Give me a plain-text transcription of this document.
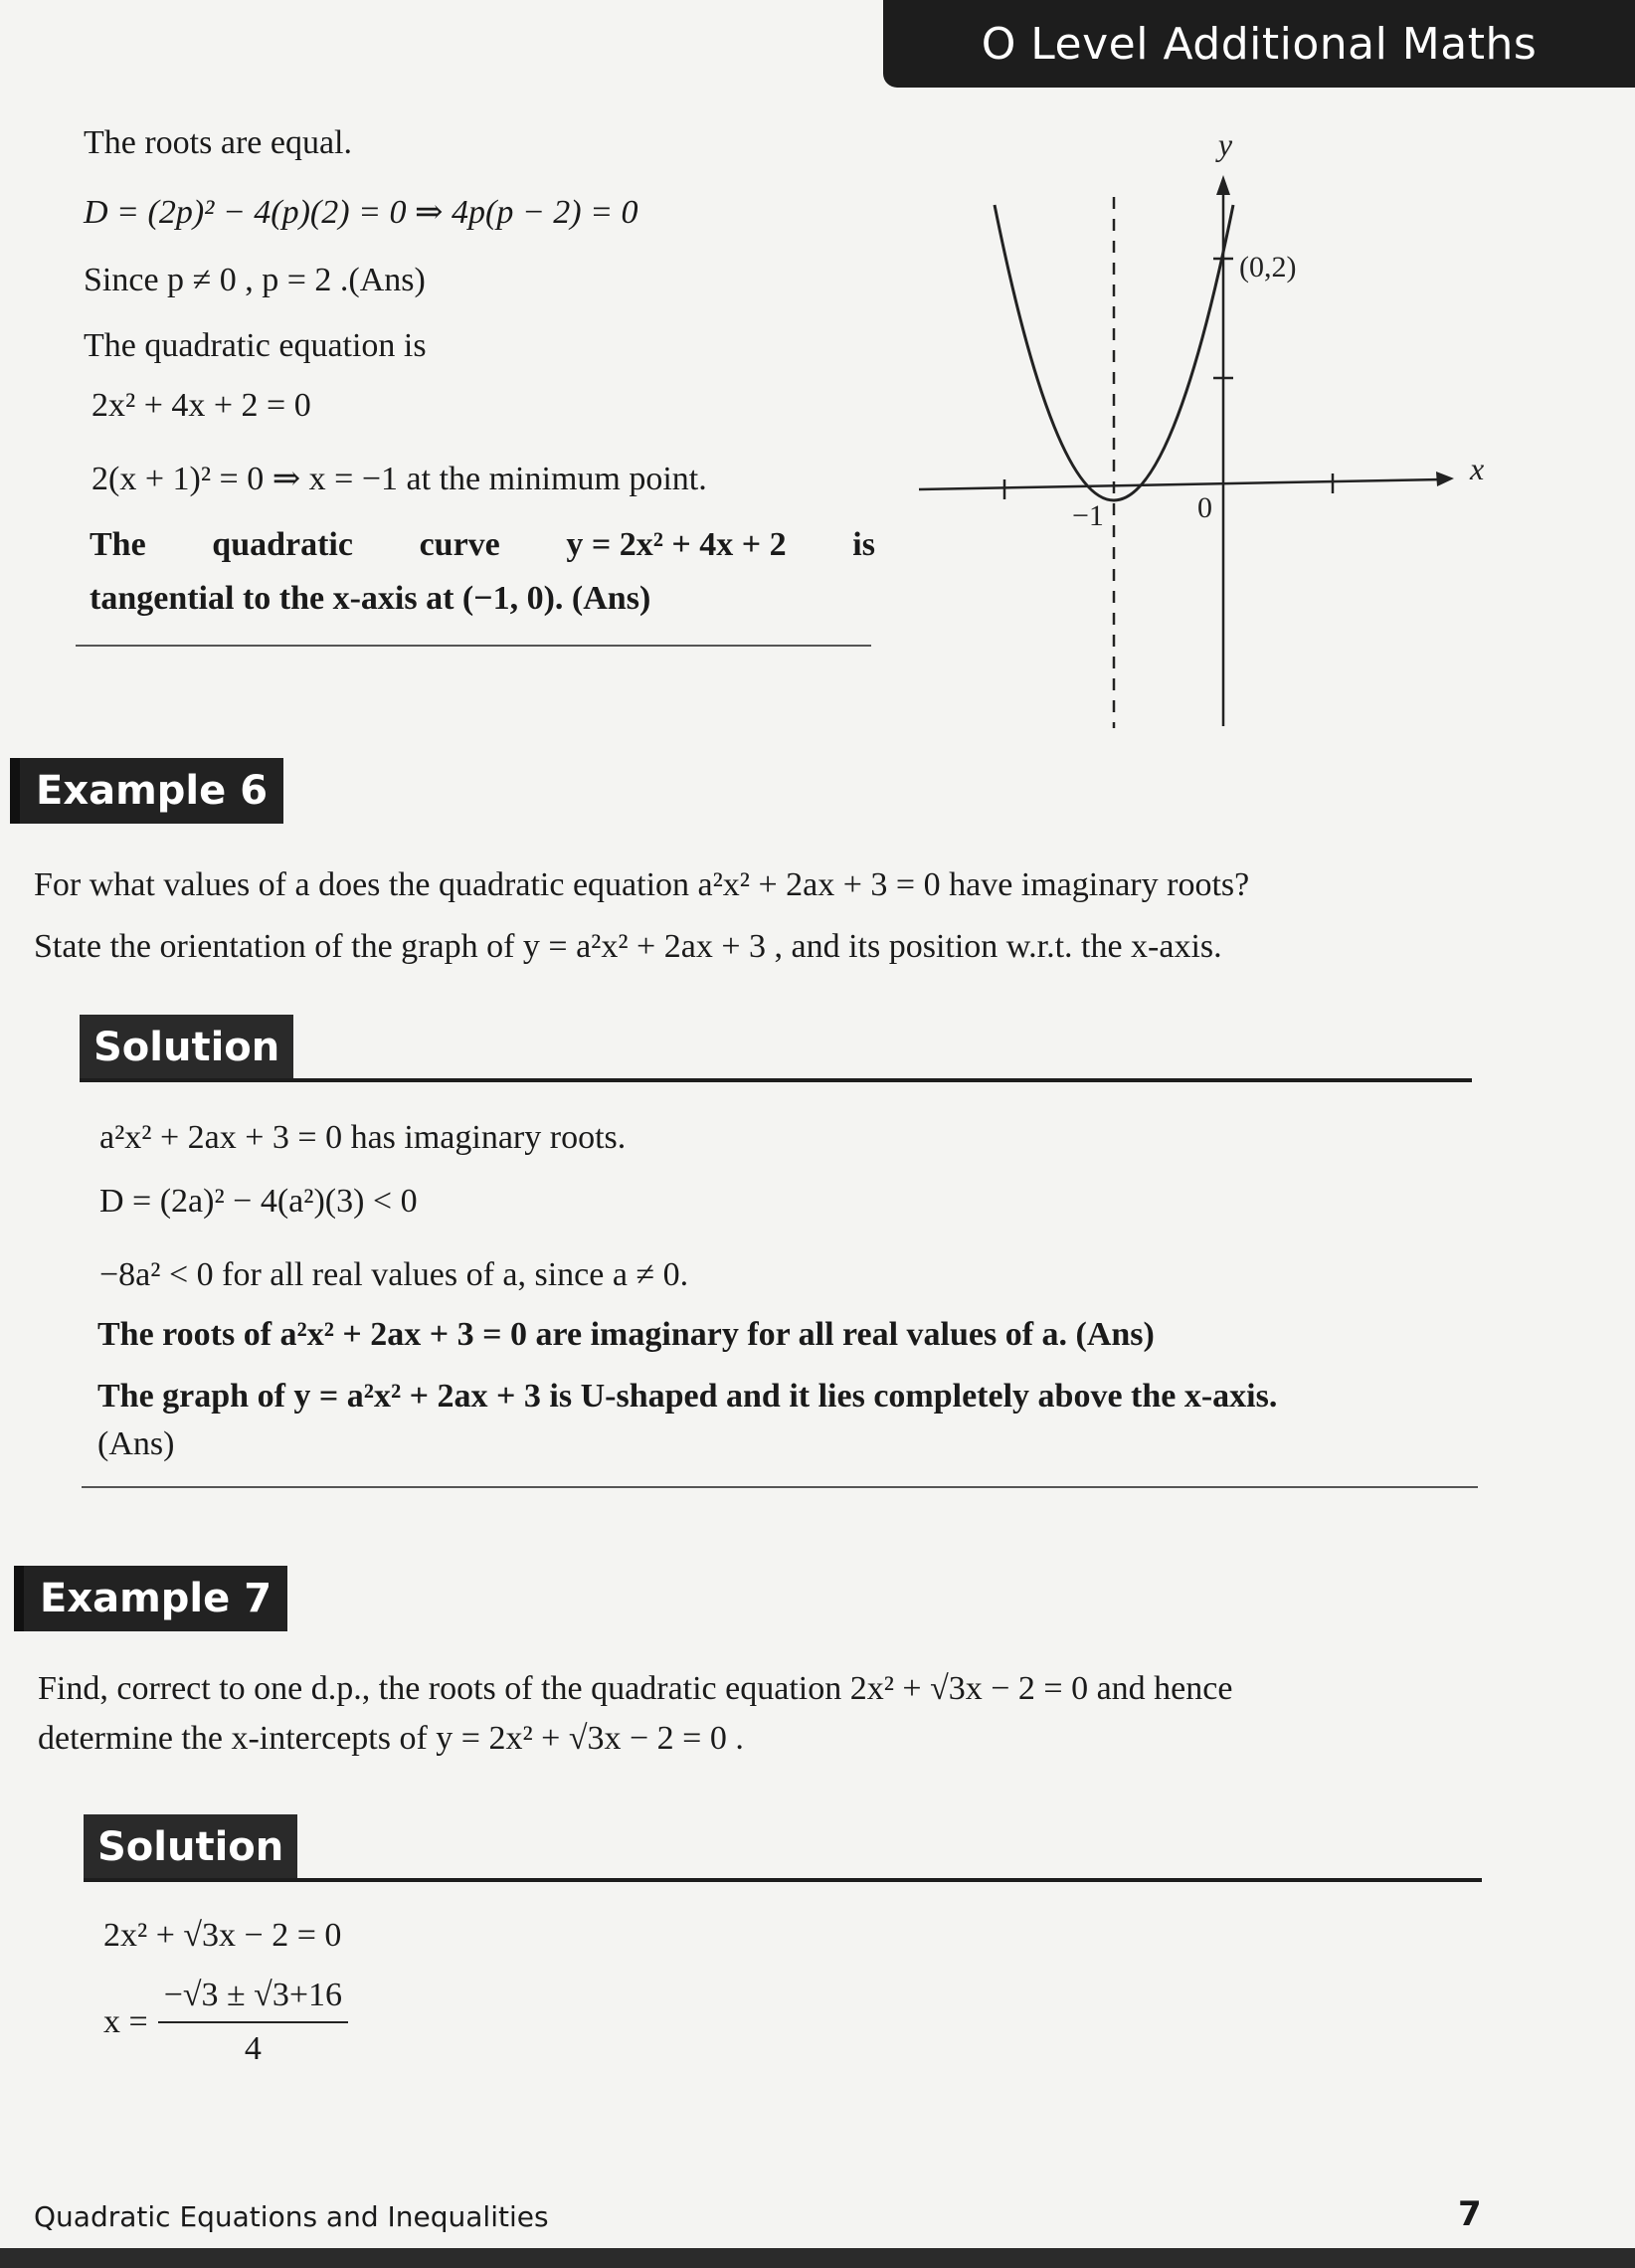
O Level Additional Maths
The roots are equal.
D = (2p)² − 4(p)(2) = 0 ⇒ 4p(p − 2) = 0
Since p ≠ 0 , p = 2 .(Ans)
The quadratic equation is
2x² + 4x + 2 = 0
2(x + 1)² = 0 ⇒ x = −1 at the minimum point.
The quadratic curve y = 2x² + 4x + 2 is
tangential to the x-axis at (−1, 0). (Ans)
y
x
(0,2)
−1	0
Example 6
For what values of a does the quadratic equation a²x² + 2ax + 3 = 0 have imaginary roots?
State the orientation of the graph of y = a²x² + 2ax + 3 , and its position w.r.t. the x-axis.
Solution
a²x² + 2ax + 3 = 0 has imaginary roots.
D = (2a)² − 4(a²)(3) < 0
−8a² < 0 for all real values of a, since a ≠ 0.
The roots of a²x² + 2ax + 3 = 0 are imaginary for all real values of a. (Ans)
The graph of y = a²x² + 2ax + 3 is U-shaped and it lies completely above the x-axis.
(Ans)
Example 7
Find, correct to one d.p., the roots of the quadratic equation 2x² + √3x − 2 = 0 and hence
determine the x-intercepts of y = 2x² + √3x − 2 = 0 .
Solution
2x² + √3x − 2 = 0
$x = \frac{-√3 \pm √3+16}{4}$
Quadratic Equations and Inequalities	7
